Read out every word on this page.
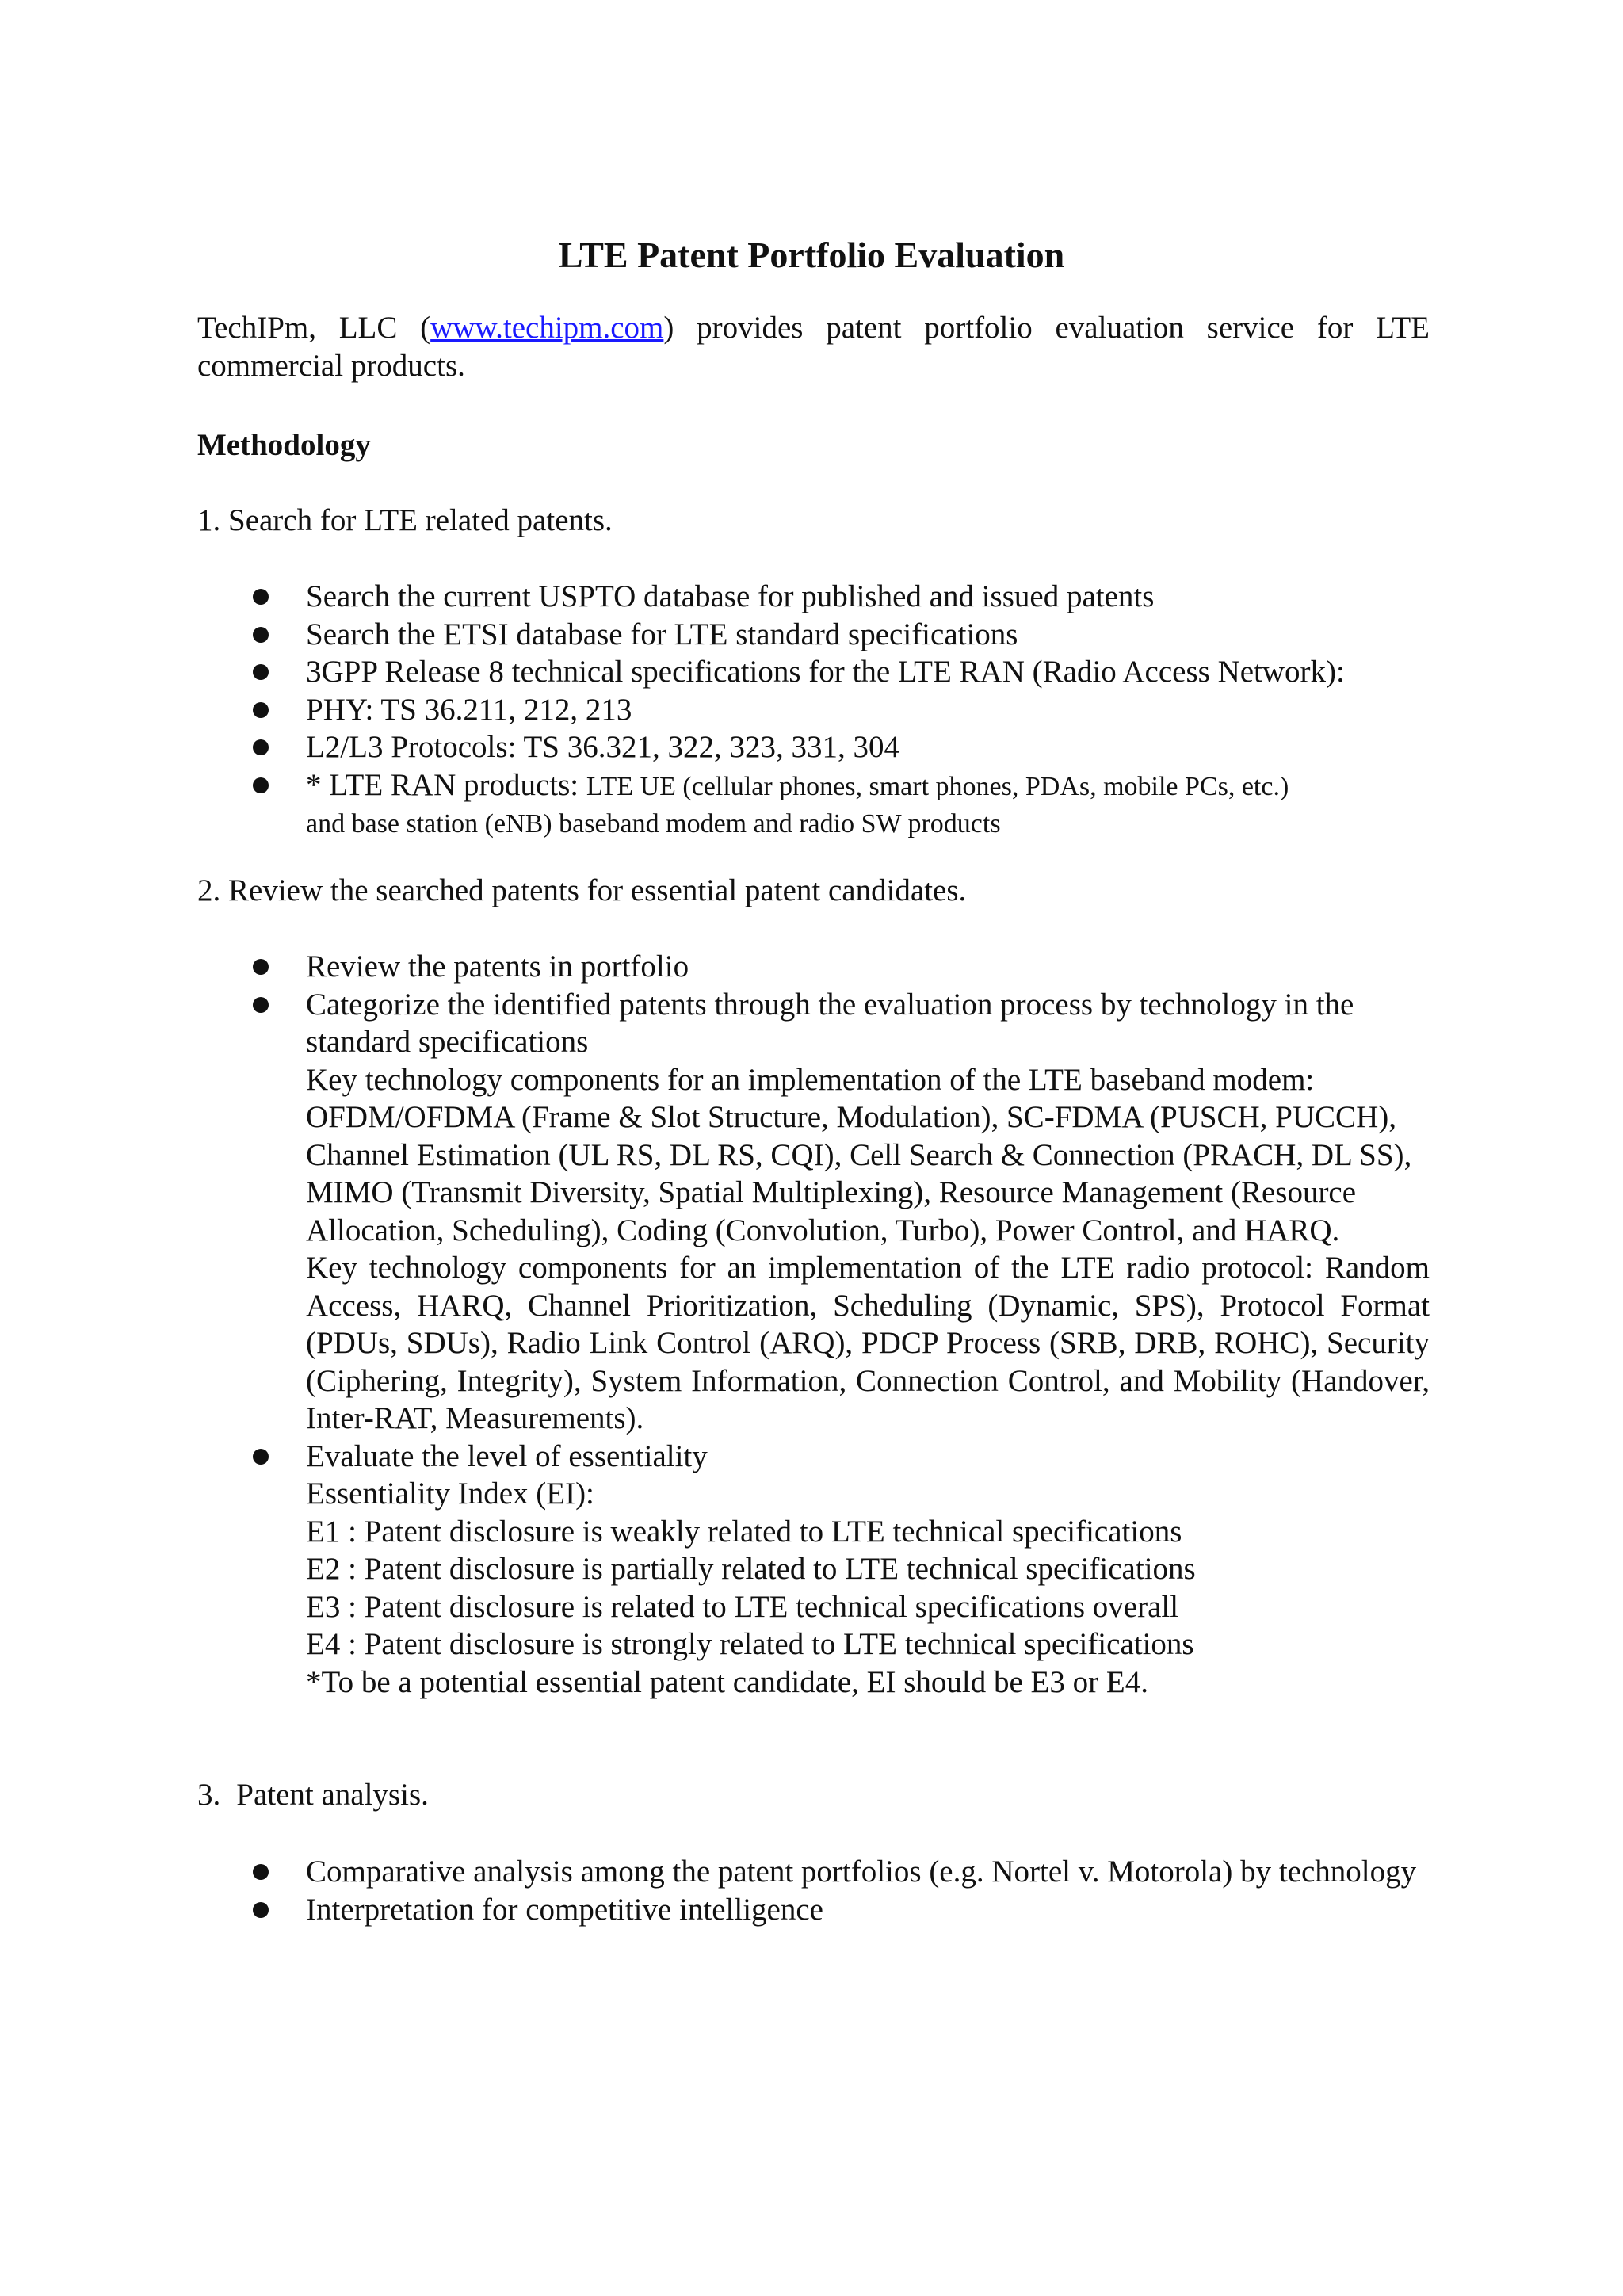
LTE Patent Portfolio Evaluation
TechIPm, LLC (www.techipm.com) provides patent portfolio evaluation service for LTE commercial products.
Methodology
1. Search for LTE related patents.
Search the current USPTO database for published and issued patents
Search the ETSI database for LTE standard specifications
3GPP Release 8 technical specifications for the LTE RAN (Radio Access Network):
PHY: TS 36.211, 212, 213
L2/L3 Protocols: TS 36.321, 322, 323, 331, 304
* LTE RAN products: LTE UE (cellular phones, smart phones, PDAs, mobile PCs, etc.)
and base station (eNB) baseband modem and radio SW products
2. Review the searched patents for essential patent candidates.
Review the patents in portfolio
Categorize the identified patents through the evaluation process by technology in the standard specifications
Key technology components for an implementation of the LTE baseband modem: OFDM/OFDMA (Frame & Slot Structure, Modulation), SC-FDMA (PUSCH, PUCCH), Channel Estimation (UL RS, DL RS, CQI), Cell Search & Connection (PRACH, DL SS), MIMO (Transmit Diversity, Spatial Multiplexing), Resource Management (Resource Allocation, Scheduling), Coding (Convolution, Turbo), Power Control, and HARQ.
Key technology components for an implementation of the LTE radio protocol: Random Access, HARQ, Channel Prioritization, Scheduling (Dynamic, SPS), Protocol Format (PDUs, SDUs), Radio Link Control (ARQ), PDCP Process (SRB, DRB, ROHC), Security (Ciphering, Integrity), System Information, Connection Control, and Mobility (Handover, Inter-RAT, Measurements).
Evaluate the level of essentiality
Essentiality Index (EI):
E1 : Patent disclosure is weakly related to LTE technical specifications
E2 : Patent disclosure is partially related to LTE technical specifications
E3 : Patent disclosure is related to LTE technical specifications overall
E4 : Patent disclosure is strongly related to LTE technical specifications
*To be a potential essential patent candidate, EI should be E3 or E4.
3. Patent analysis.
Comparative analysis among the patent portfolios (e.g. Nortel v. Motorola) by technology
Interpretation for competitive intelligence
